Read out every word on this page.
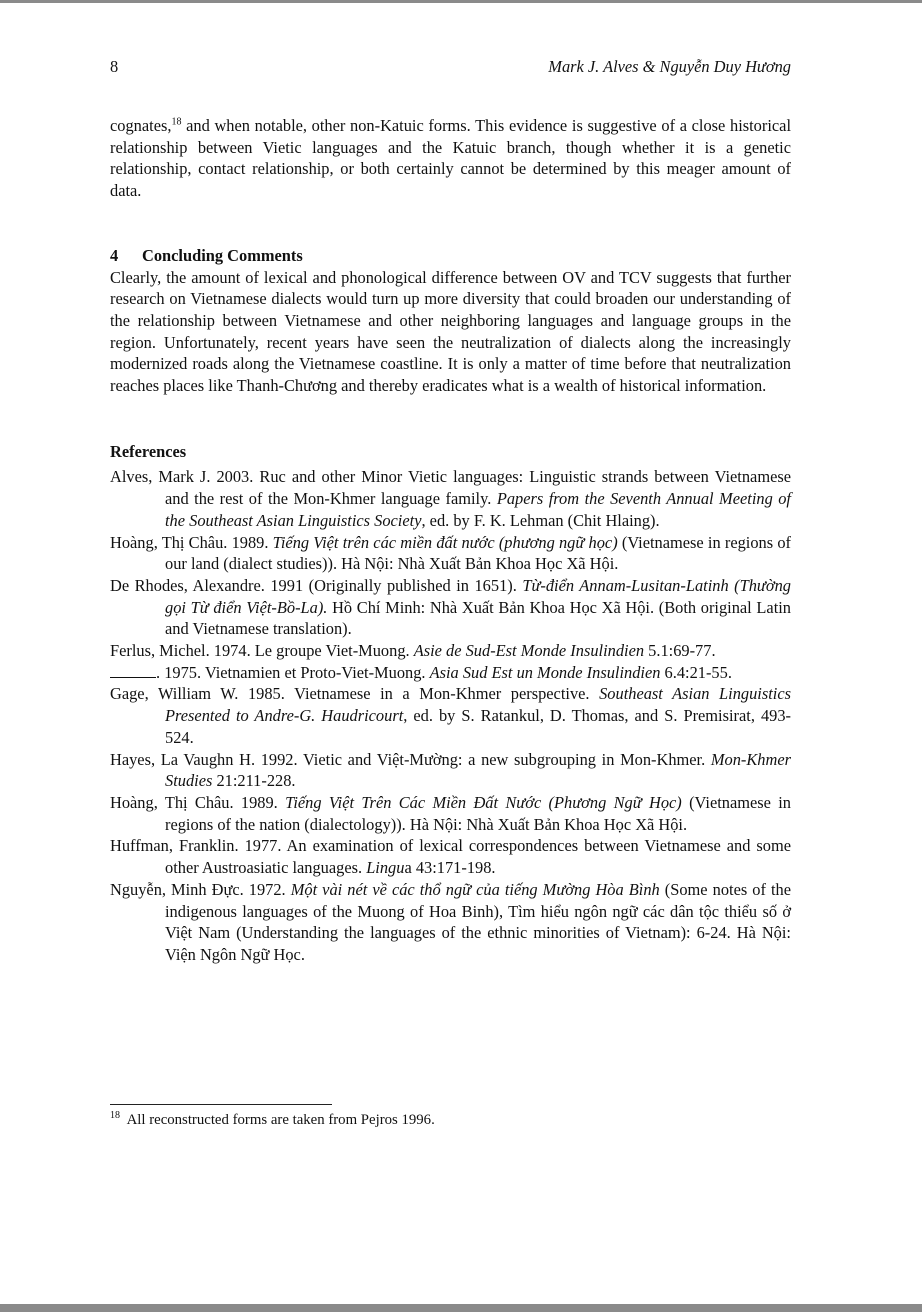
8	Mark J. Alves & Nguyễn Duy Hương

cognates,$^{18}$ and when notable, other non-Katuic forms. This evidence is suggestive of a close historical relationship between Vietic languages and the Katuic branch, though whether it is a genetic relationship, contact relationship, or both certainly cannot be determined by this meager amount of data.

4 Concluding Comments

Clearly, the amount of lexical and phonological difference between OV and TCV suggests that further research on Vietnamese dialects would turn up more diversity that could broaden our understanding of the relationship between Vietnamese and other neighboring languages and language groups in the region. Unfortunately, recent years have seen the neutralization of dialects along the increasingly modernized roads along the Vietnamese coastline. It is only a matter of time before that neutralization reaches places like Thanh-Chương and thereby eradicates what is a wealth of historical information.

References

Alves, Mark J. 2003. Ruc and other Minor Vietic languages: Linguistic strands between Vietnamese and the rest of the Mon-Khmer language family. Papers from the Seventh Annual Meeting of the Southeast Asian Linguistics Society, ed. by F. K. Lehman (Chit Hlaing).

Hoàng, Thị Châu. 1989. Tiếng Việt trên các miền đất nước (phương ngữ học) (Vietnamese in regions of our land (dialect studies)). Hà Nội: Nhà Xuất Bản Khoa Học Xã Hội.

De Rhodes, Alexandre. 1991 (Originally published in 1651). Từ-điển Annam-Lusitan-Latinh (Thường gọi Từ điển Việt-Bồ-La). Hồ Chí Minh: Nhà Xuất Bản Khoa Học Xã Hội. (Both original Latin and Vietnamese translation).

Ferlus, Michel. 1974. Le groupe Viet-Muong. Asie de Sud-Est Monde Insulindien 5.1:69-77.

. 1975. Vietnamien et Proto-Viet-Muong. Asia Sud Est un Monde Insulindien 6.4:21-55.

Gage, William W. 1985. Vietnamese in a Mon-Khmer perspective. Southeast Asian Linguistics Presented to Andre-G. Haudricourt, ed. by S. Ratankul, D. Thomas, and S. Premisirat, 493-524.

Hayes, La Vaughn H. 1992. Vietic and Việt-Mường: a new subgrouping in Mon-Khmer. Mon-Khmer Studies 21:211-228.

Hoàng, Thị Châu. 1989. Tiếng Việt Trên Các Miền Đất Nước (Phương Ngữ Học) (Vietnamese in regions of the nation (dialectology)). Hà Nội: Nhà Xuất Bản Khoa Học Xã Hội.

Huffman, Franklin. 1977. An examination of lexical correspondences between Vietnamese and some other Austroasiatic languages. Lingua 43:171-198.

Nguyễn, Minh Đực. 1972. Một vài nét về các thổ ngữ của tiếng Mường Hòa Bình (Some notes of the indigenous languages of the Muong of Hoa Binh), Tìm hiểu ngôn ngữ các dân tộc thiểu số ở Việt Nam (Understanding the languages of the ethnic minorities of Vietnam): 6-24. Hà Nội: Viện Ngôn Ngữ Học.

$^{18}$ All reconstructed forms are taken from Pejros 1996.
